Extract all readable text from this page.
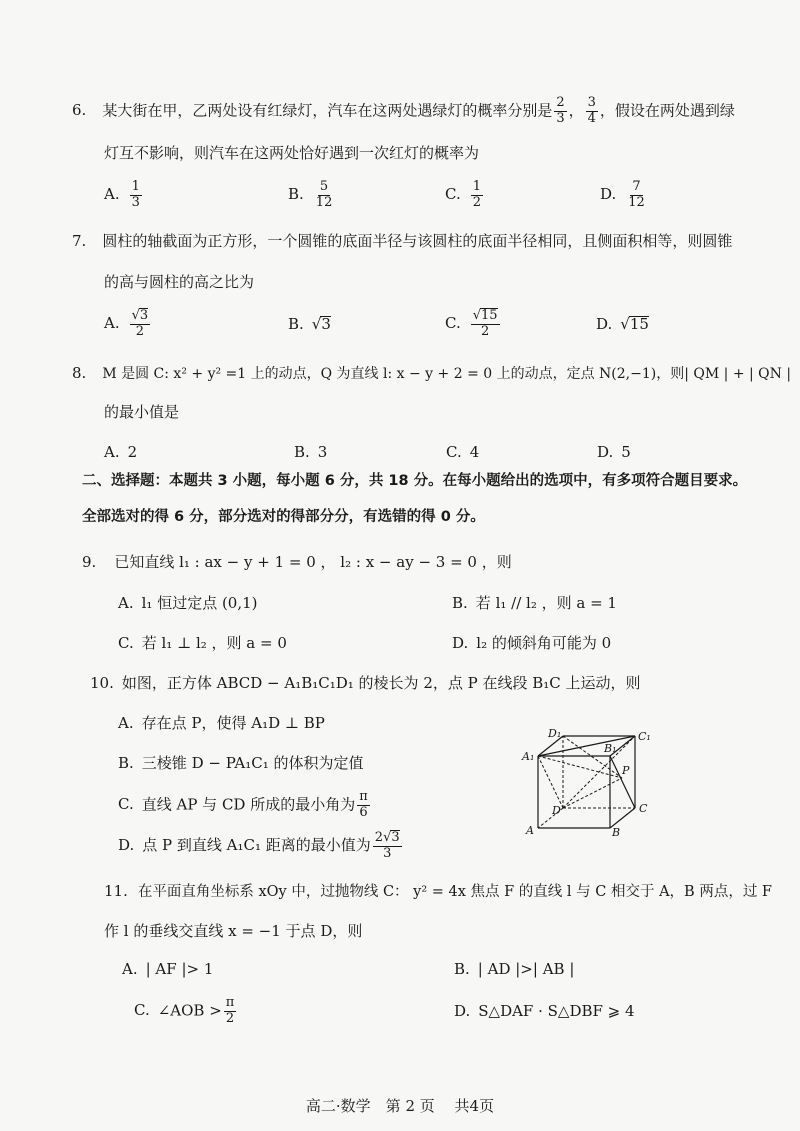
6. 某大街在甲，乙两处设有红绿灯，汽车在这两处遇绿灯的概率分别是 $\frac{2}{3}$ ， $\frac{3}{4}$ ，假设在两处遇到绿
灯互不影响，则汽车在这两处恰好遇到一次红灯的概率为
A. $\frac{1}{3}$	B. $\frac{5}{12}$	C. $\frac{1}{2}$	D. $\frac{7}{12}$
7. 圆柱的轴截面为正方形，一个圆锥的底面半径与该圆柱的底面半径相同，且侧面积相等，则圆锥
的高与圆柱的高之比为
A. $\frac{√3}{2}$	B. √3	C. $\frac{√15}{2}$	D. √15
8. M 是圆 C: x² + y² =1 上的动点，Q 为直线 l: x − y + 2 = 0 上的动点，定点 N(2,−1)，则| QM | + | QN |
的最小值是
A. 2	B. 3	C. 4	D. 5
二、选择题：本题共 3 小题，每小题 6 分，共 18 分。在每小题给出的选项中，有多项符合题目要求。
全部选对的得 6 分，部分选对的得部分分，有选错的得 0 分。
9. 已知直线 l₁ : ax − y + 1 = 0 ， l₂ : x − ay − 3 = 0 ，则
A. l₁ 恒过定点 (0,1)	B. 若 l₁ // l₂ ，则 a = 1
C. 若 l₁ ⊥ l₂ ，则 a = 0	D. l₂ 的倾斜角可能为 0
10. 如图，正方体 ABCD − A₁B₁C₁D₁ 的棱长为 2，点 P 在线段 B₁C 上运动，则
A. 存在点 P，使得 A₁D ⊥ BP
B. 三棱锥 D − PA₁C₁ 的体积为定值
C. 直线 AP 与 CD 所成的最小角为 $\frac{\pi}{6}$
D. 点 P 到直线 A₁C₁ 距离的最小值为 $\frac{2√3}{3}$
D₁	C₁
B₁
A₁
P
D	C
A	B
11. 在平面直角坐标系 xOy 中，过抛物线 C： y² = 4x 焦点 F 的直线 l 与 C 相交于 A，B 两点，过 F
作 l 的垂线交直线 x = −1 于点 D，则
A. | AF |> 1	B. | AD |>| AB |
C. ∠AOB > $\frac{\pi}{2}$	D. S△DAF · S△DBF ⩾ 4
高二·数学　第 2 页　 共4页
